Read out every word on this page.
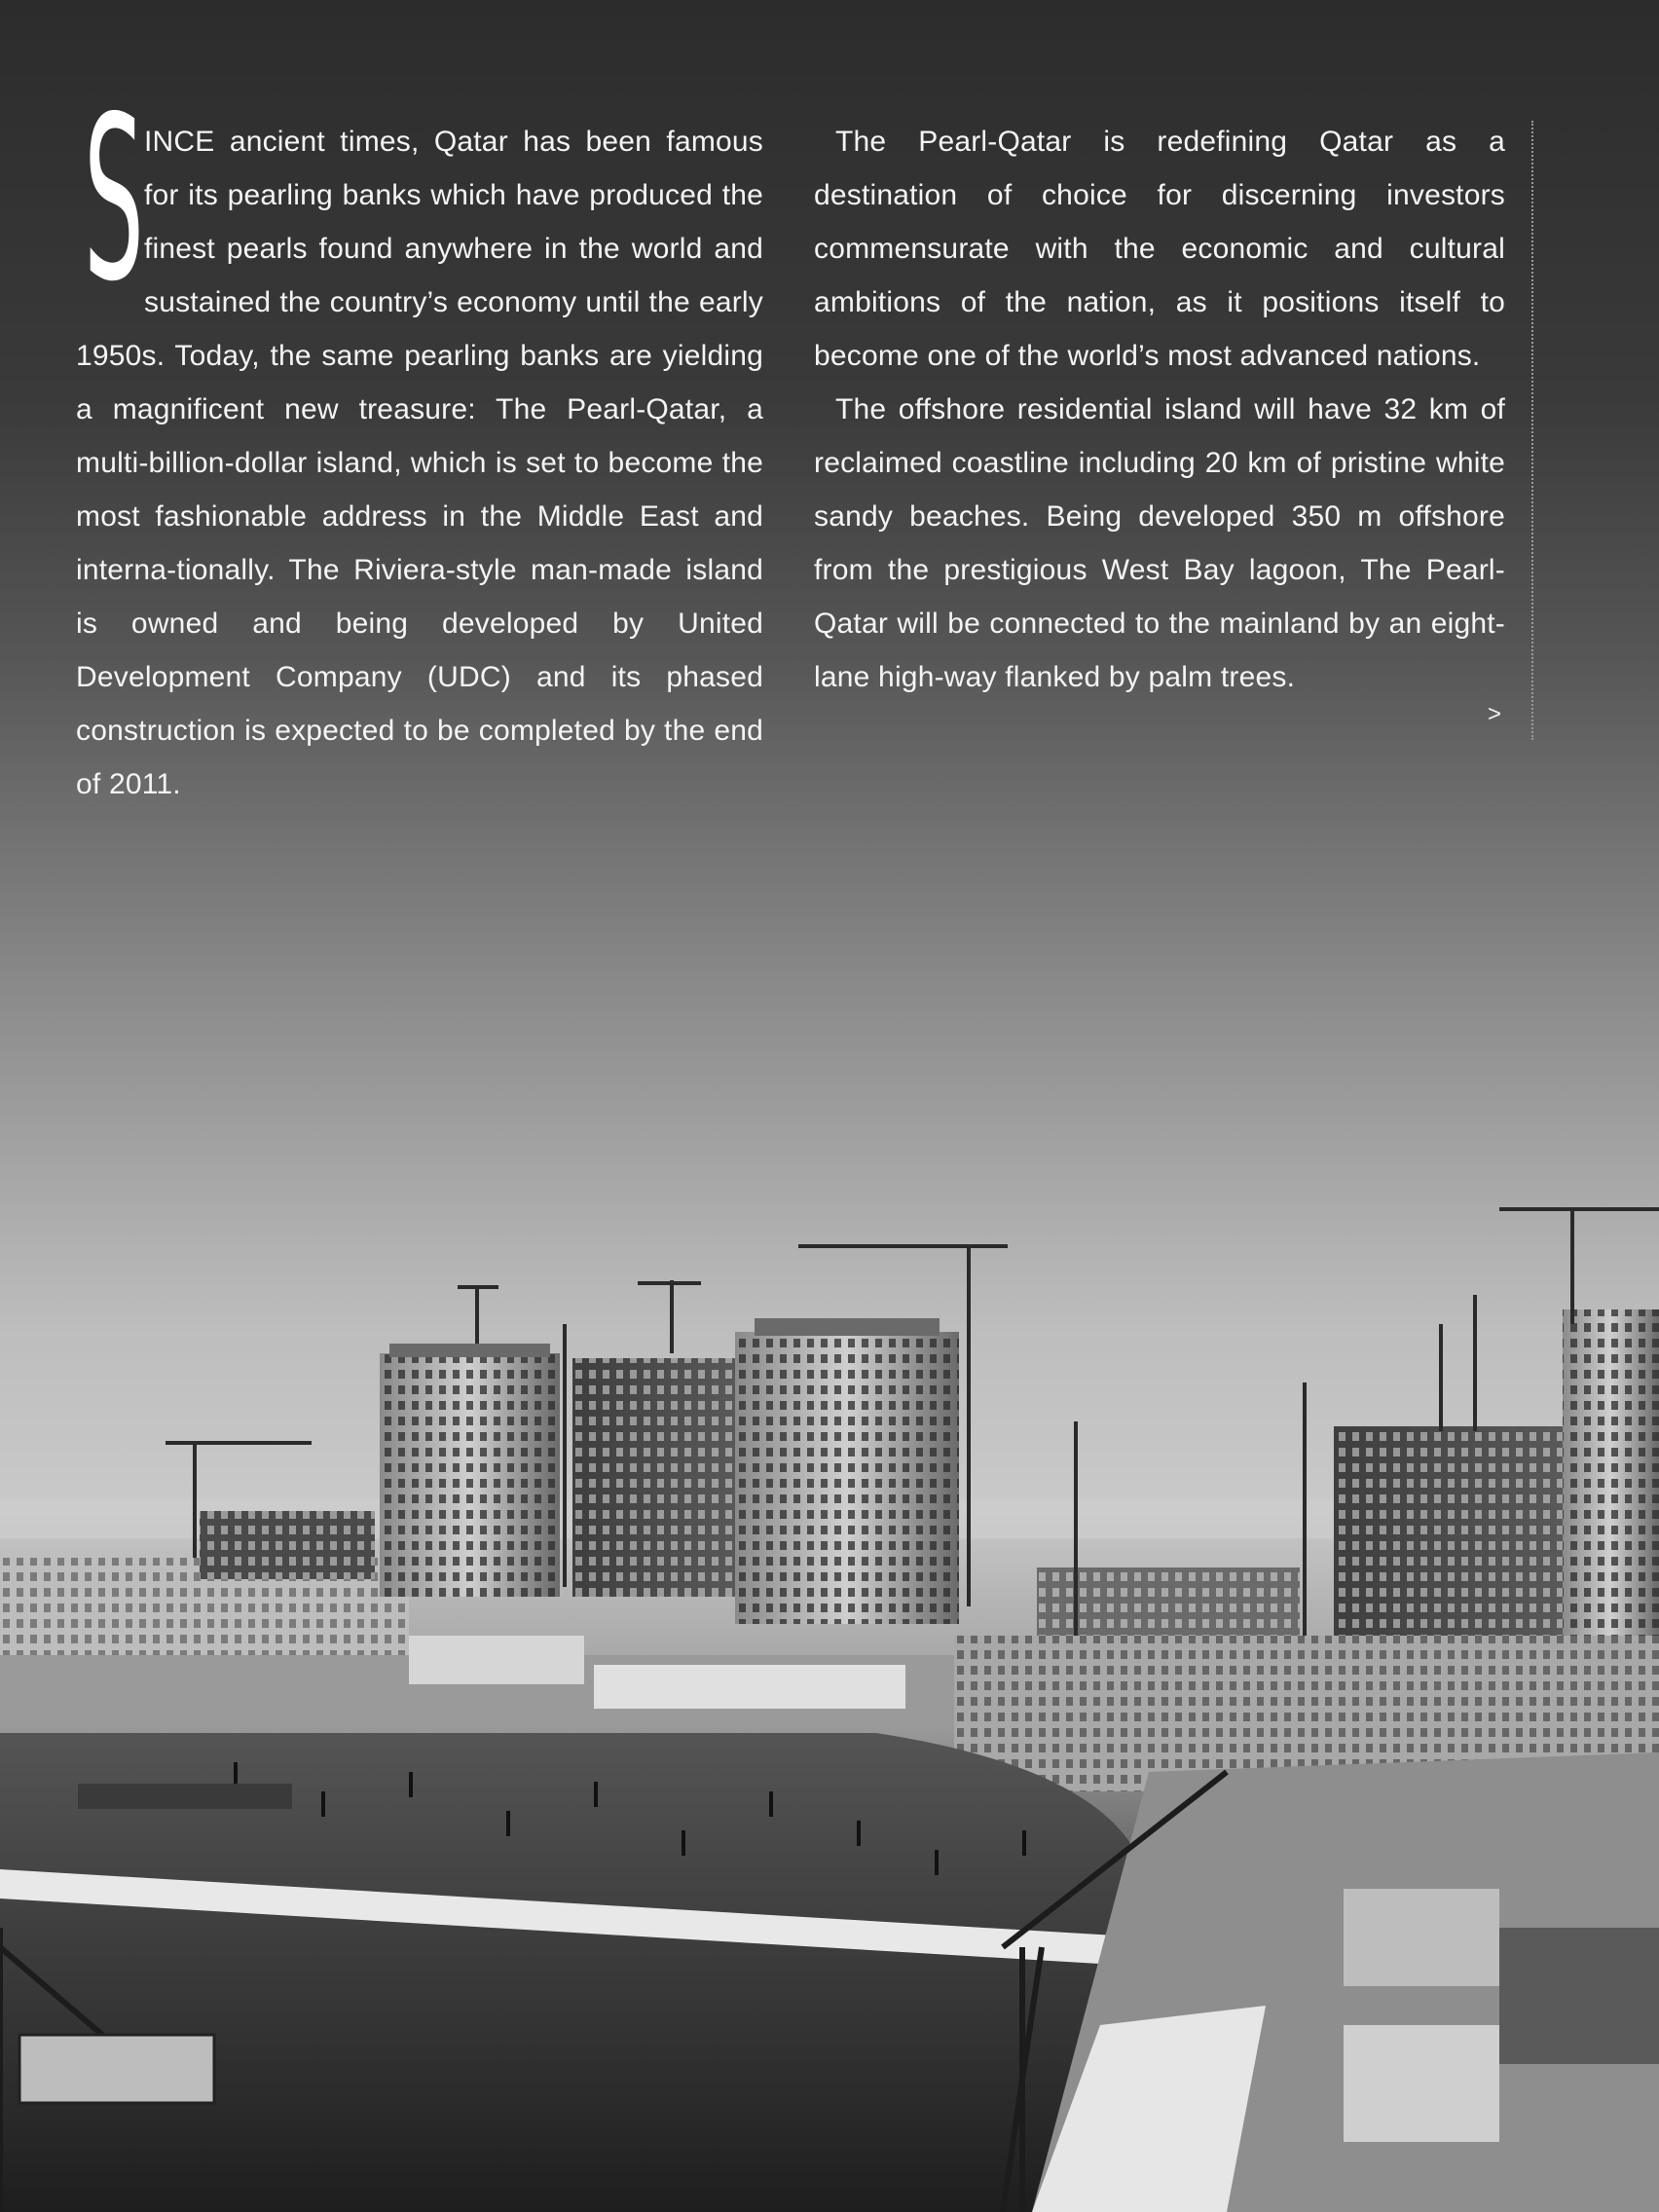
S INCE ancient times, Qatar has been famous for its pearling banks which have produced the finest pearls found anywhere in the world and sustained the country’s economy until the early 1950s. Today, the same pearling banks are yielding a magnificent new treasure: The Pearl-Qatar, a multi-billion-dollar island, which is set to become the most fashionable address in the Middle East and interna-tionally. The Riviera-style man-made island is owned and being developed by United Development Company (UDC) and its phased construction is expected to be completed by the end of 2011.

The Pearl-Qatar is redefining Qatar as a destination of choice for discerning investors commensurate with the economic and cultural ambitions of the nation, as it positions itself to become one of the world’s most advanced nations.

The offshore residential island will have 32 km of reclaimed coastline including 20 km of pristine white sandy beaches. Being developed 350 m offshore from the prestigious West Bay lagoon, The Pearl-Qatar will be connected to the mainland by an eight-lane high-way flanked by palm trees.

>
